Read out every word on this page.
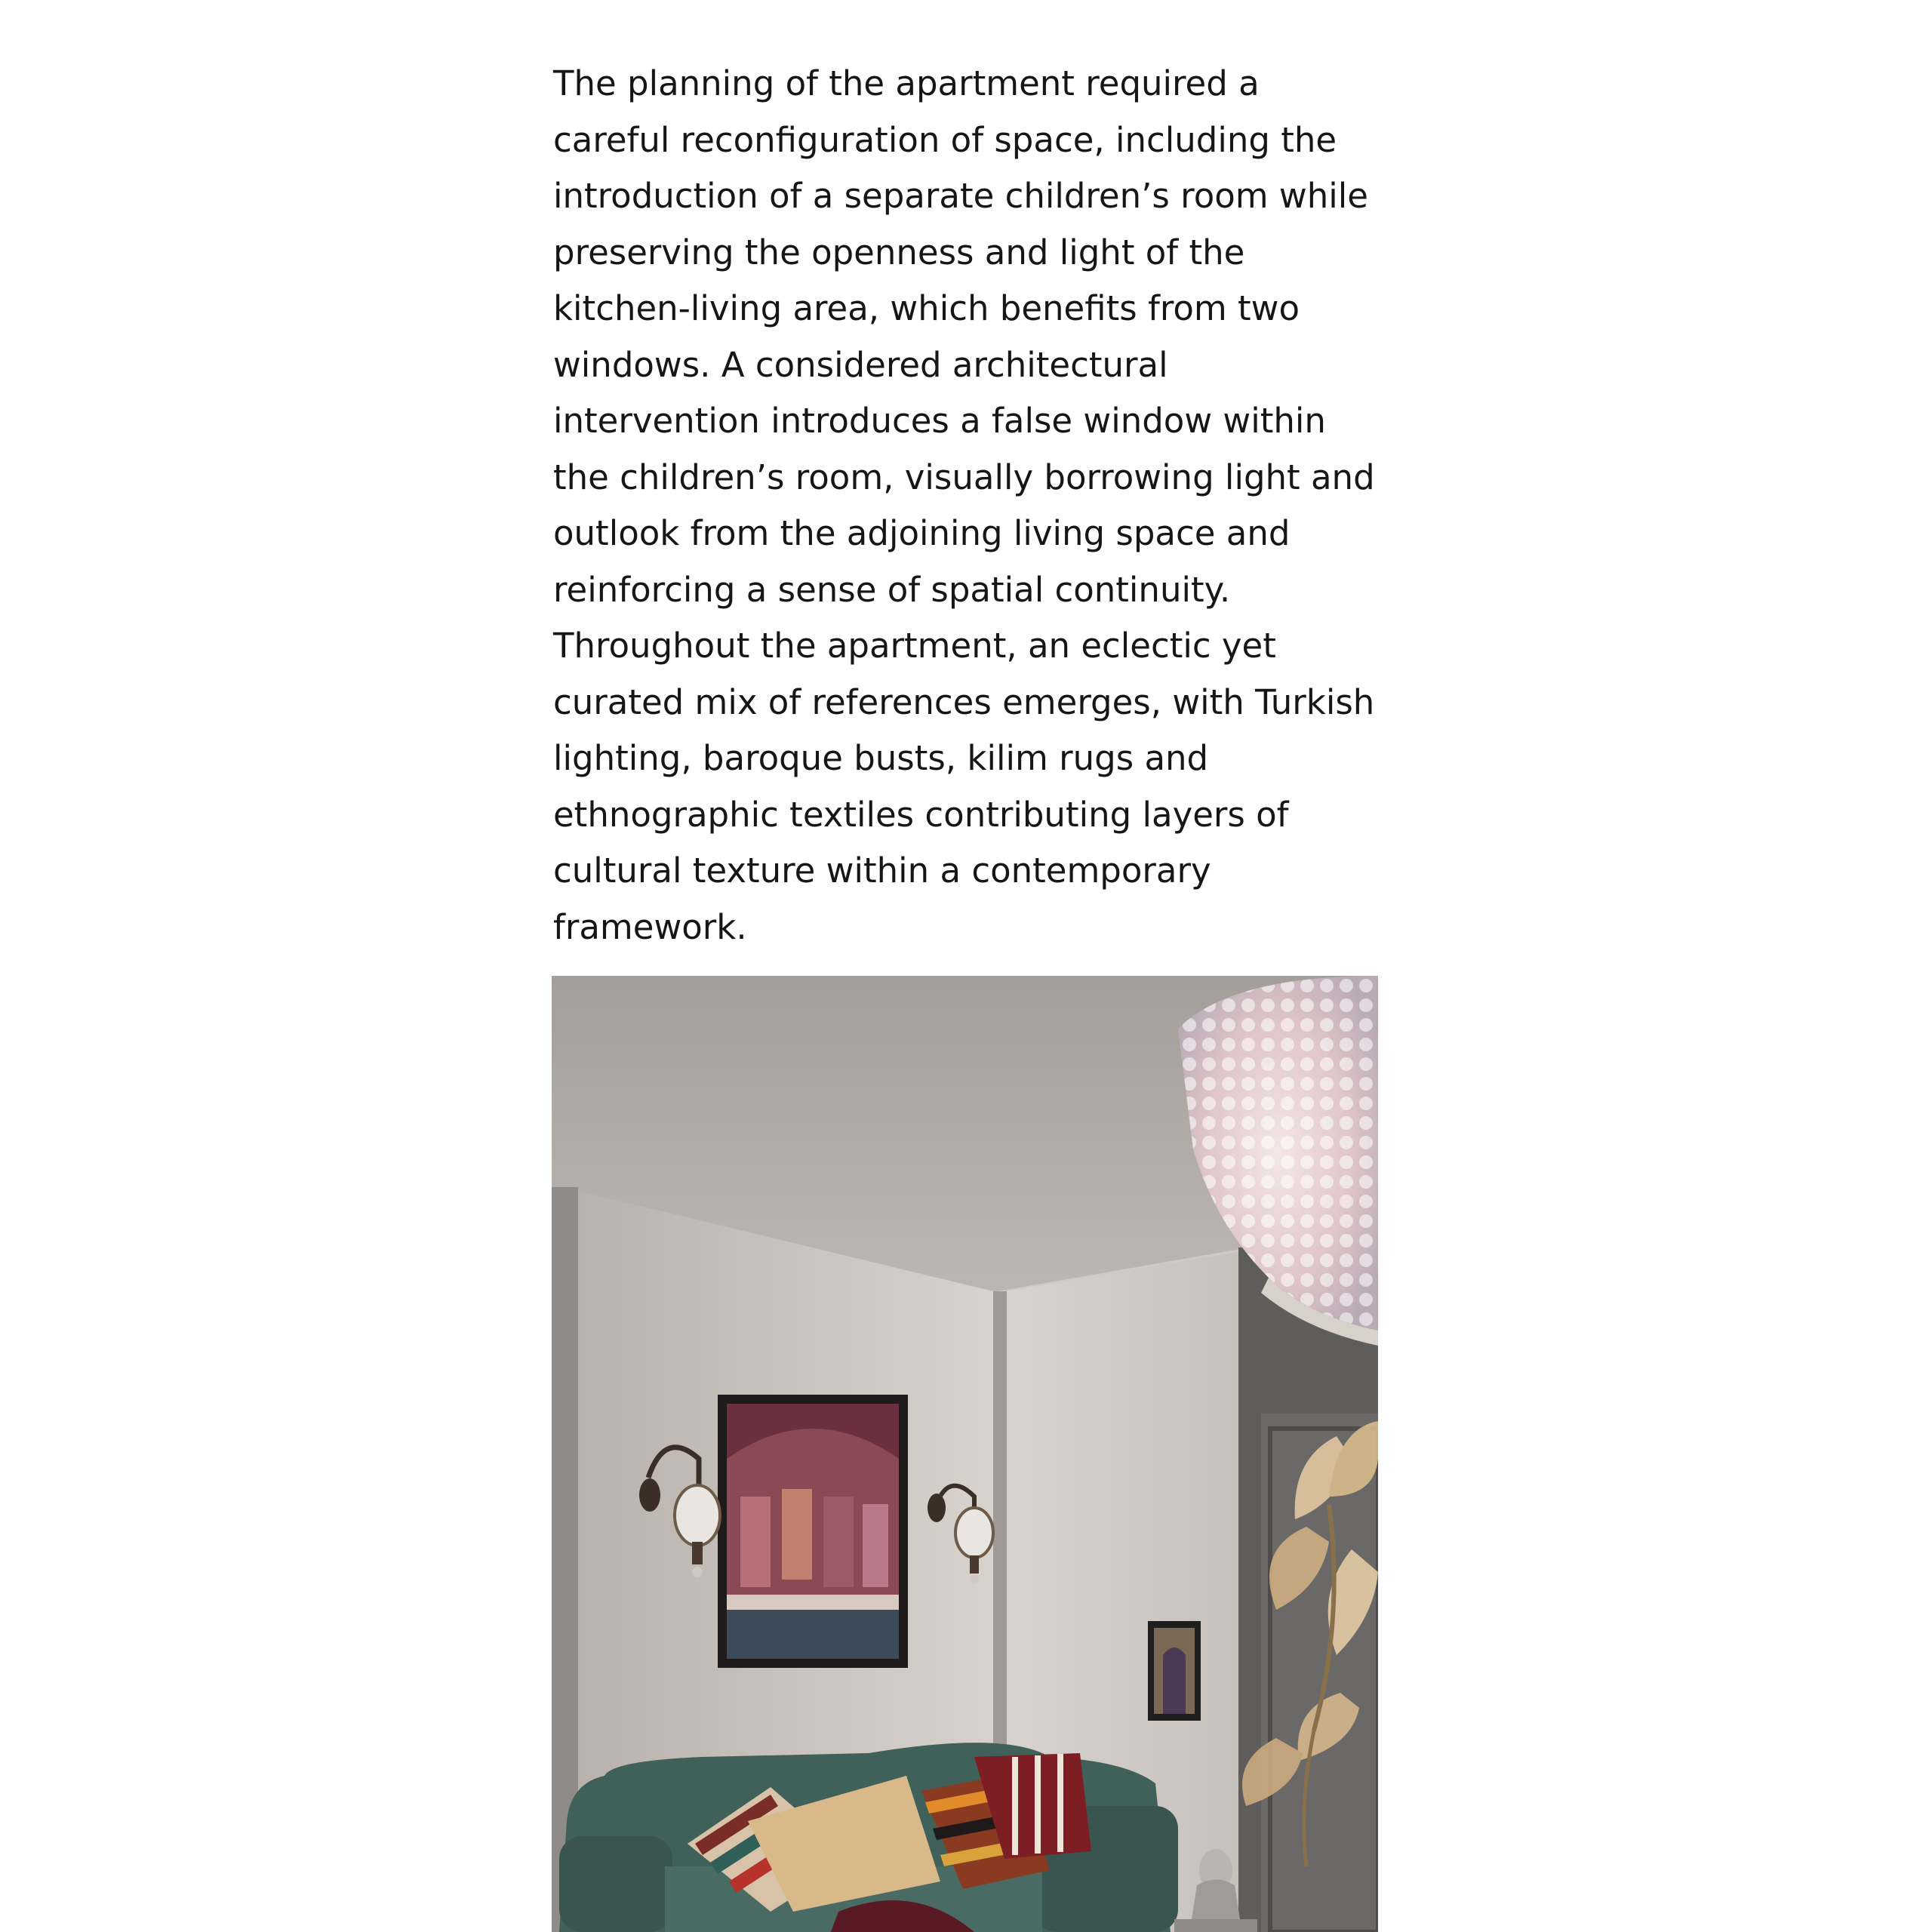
The planning of the apartment required a careful reconfiguration of space, including the introduction of a separate children’s room while preserving the openness and light of the kitchen-living area, which benefits from two windows. A considered architectural intervention introduces a false window within the children’s room, visually borrowing light and outlook from the adjoining living space and reinforcing a sense of spatial continuity. Throughout the apartment, an eclectic yet curated mix of references emerges, with Turkish lighting, baroque busts, kilim rugs and ethnographic textiles contributing layers of cultural texture within a contemporary framework.
